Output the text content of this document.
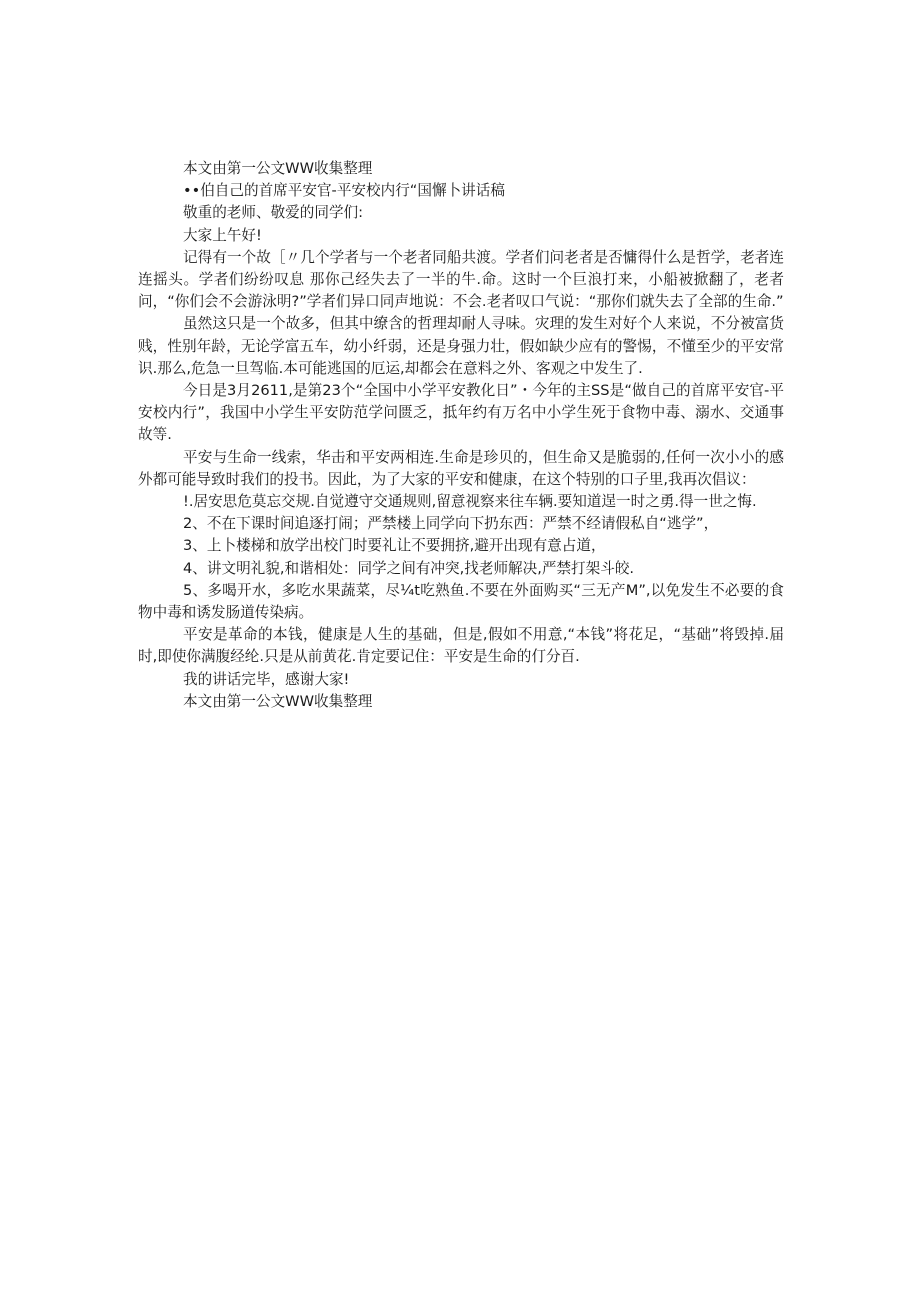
本文由第一公文WW收集整理

••伯自己的首席平安官-平安校内行“国懈卜讲话稿

敬重的老师、敬爱的同学们:

大家上午好!

记得有一个故［〃几个学者与一个老者同船共渡。学者们问老者是否慵得什么是哲学，老者连连摇头。学者们纷纷叹息 那你己经失去了一半的牛.命。这时一个巨浪打来，小船被掀翻了，老者问，“你们会不会游泳明?”学者们异口同声地说：不会.老者叹口气说：“那你们就失去了全部的生命.”

虽然这只是一个故多，但其中缭含的哲理却耐人寻味。灾理的发生对好个人来说，不分被富货贱，性别年龄，无论学富五车，幼小纤弱，还是身强力壮，假如缺少应有的警惕，不懂至少的平安常识.那么,危急一旦驾临.本可能逃国的厄运,却都会在意料之外、客观之中发生了.

今日是3月2611,是第23个“全国中小学平安教化日”・今年的主SS是“做自己的首席平安官-平安校内行”，我国中小学生平安防范学问匮乏，抵年约有万名中小学生死于食物中毒、溺水、交通事故等.

平安与生命一线索，华击和平安两相连.生命是珍贝的，但生命又是脆弱的,任何一次小小的感外都可能导致时我们的投书。因此，为了大家的平安和健康，在这个特别的口子里,我再次倡议：

!.居安思危莫忘交规.自觉遵守交通规则,留意视察来往车辆.要知道逞一时之勇.得一世之悔.

2、不在下课时间追逐打闹；严禁楼上同学向下扔东西：严禁不经请假私自“逃学”，

3、上卜楼梯和放学出校门时要礼让不要拥挤,避开出现有意占道，

4、讲文明礼貌,和谐相处：同学之间有冲突,找老师解决,严禁打架斗皎.

5、多喝开水，多吃水果蔬菜，尽¼t吃熟鱼.不要在外面购买“三无产M”,以免发生不必要的食物中毒和诱发肠道传染病。

平安是革命的本钱，健康是人生的基础，但是,假如不用意,“本钱”将花足，“基础”将毁掉.届时,即使你满腹经纶.只是从前黄花.肯定要记住：平安是生命的仃分百.

我的讲话完毕，感谢大家!

本文由第一公文WW收集整理
